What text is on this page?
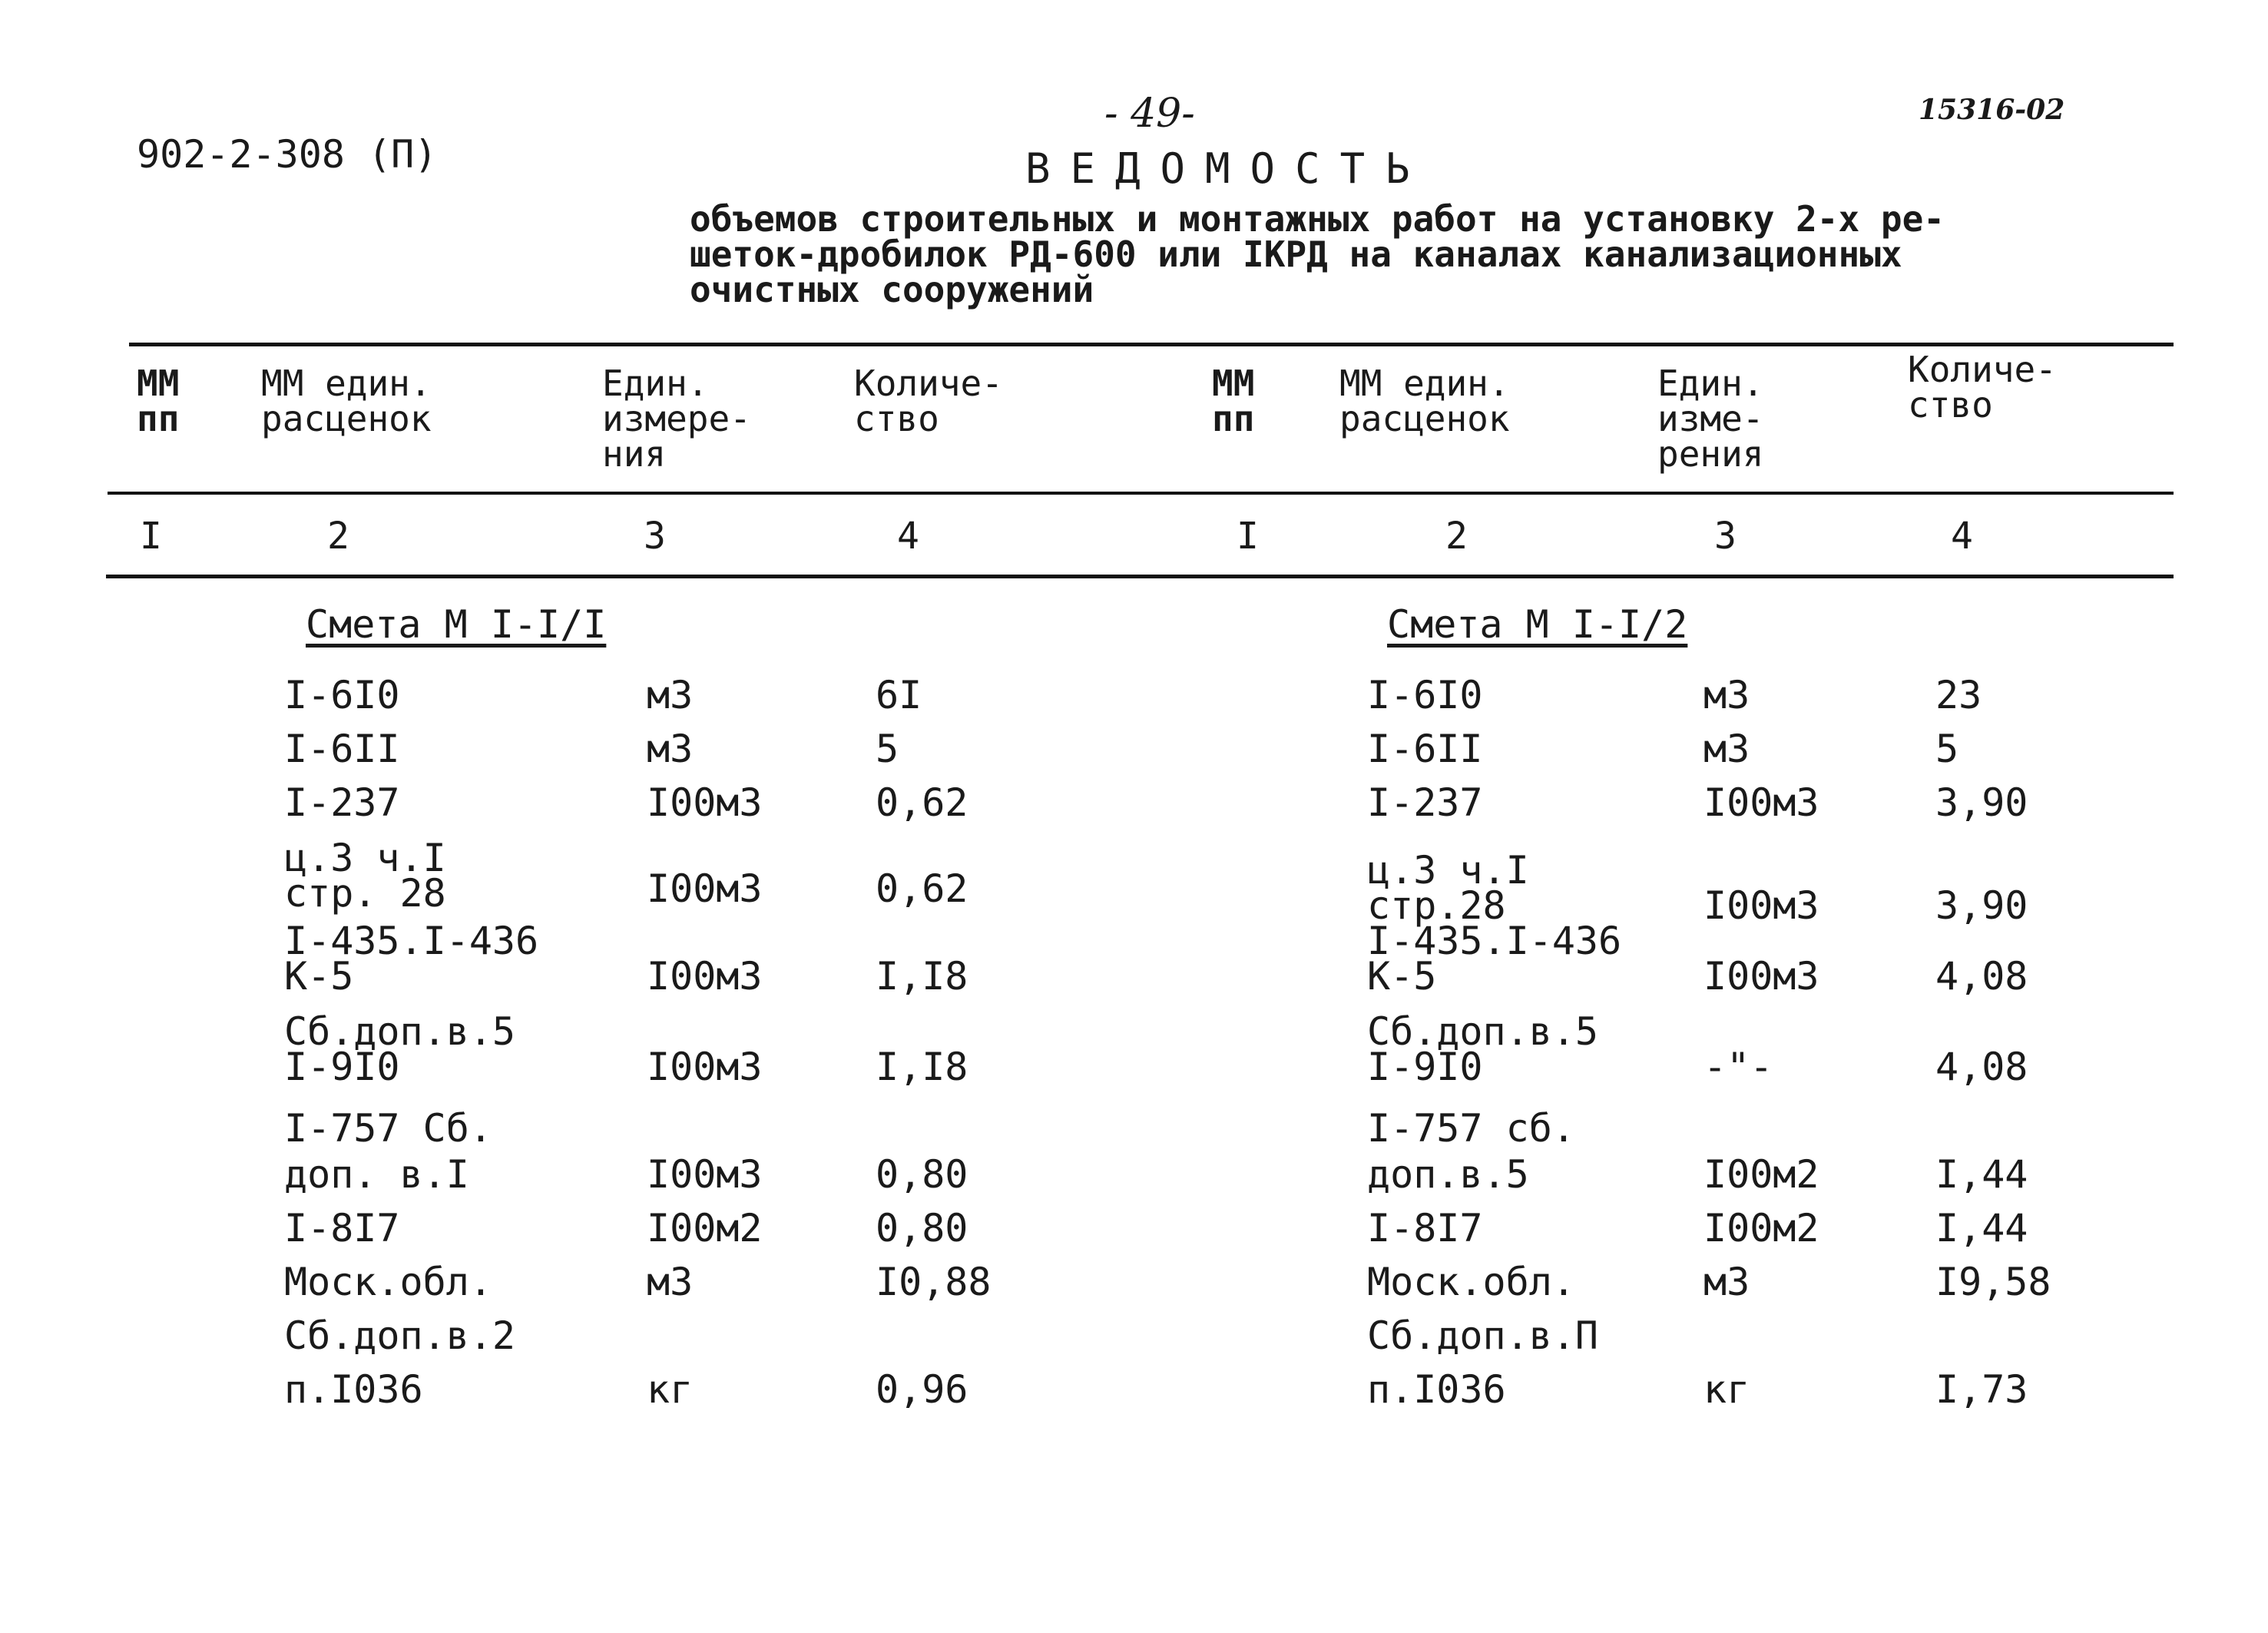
902-2-308 (П)
- 49-	15316-02
ВЕДОМОСТЬ
объемов строительных и монтажных работ на установку 2-х ре-
шеток-дробилок РД-600 или IКРД на каналах канализационных
очистных сооружений
ММ
пп
ММ един.
расценок
Един.
измере-
ния
Количе-
ство
ММ
пп
ММ един.
расценок
Един.
изме-
рения
Количе-
ство
I	2	3	4	I	2	3	4
Смета М I-I/I	Смета М I-I/2
I-6I0	м3	6I
I-6II	м3	5
I-237	I00м3	0,62
ц.3 ч.I
стр. 28	I00м3	0,62
I-435.I-436
К-5	I00м3	I,I8
Сб.доп.в.5
I-9I0	I00м3	I,I8
I-757 Сб.
доп. в.I	I00м3	0,80
I-8I7	I00м2	0,80
Моск.обл.	м3	I0,88
Сб.доп.в.2
п.I036	кг	0,96
I-6I0	м3	23
I-6II	м3	5
I-237	I00м3	3,90
ц.3 ч.I
стр.28	I00м3	3,90
I-435.I-436
К-5	I00м3	4,08
Сб.доп.в.5
I-9I0	-"-	4,08
I-757 сб.
доп.в.5	I00м2	I,44
I-8I7	I00м2	I,44
Моск.обл.	м3	I9,58
Сб.доп.в.П
п.I036	кг	I,73
